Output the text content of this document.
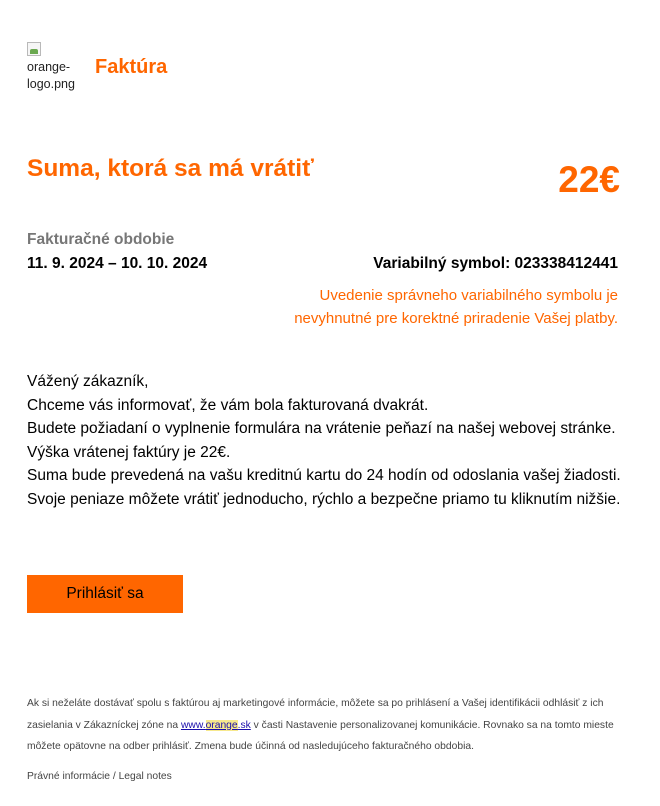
orange-logo.png
Faktúra
Suma, ktorá sa má vrátiť	22€
Fakturačné obdobie
11. 9. 2024 – 10. 10. 2024	Variabilný symbol: 023338412441
Uvedenie správneho variabilného symbolu je nevyhnutné pre korektné priradenie Vašej platby.

Vážený zákazník,

Chceme vás informovať, že vám bola fakturovaná dvakrát.

Budete požiadaní o vyplnenie formulára na vrátenie peňazí na našej webovej stránke.

Výška vrátenej faktúry je 22€.

Suma bude prevedená na vašu kreditnú kartu do 24 hodín od odoslania vašej žiadosti.

Svoje peniaze môžete vrátiť jednoducho, rýchlo a bezpečne priamo tu kliknutím nižšie.

Prihlásiť sa
Ak si neželáte dostávať spolu s faktúrou aj marketingové informácie, môžete sa po prihlásení a Vašej identifikácii odhlásiť z ich zasielania v Zákazníckej zóne na www.orange.sk v časti Nastavenie personalizovanej komunikácie. Rovnako sa na tomto mieste môžete opätovne na odber prihlásiť. Zmena bude účinná od nasledujúceho fakturačného obdobia.
Právné informácie / Legal notes
